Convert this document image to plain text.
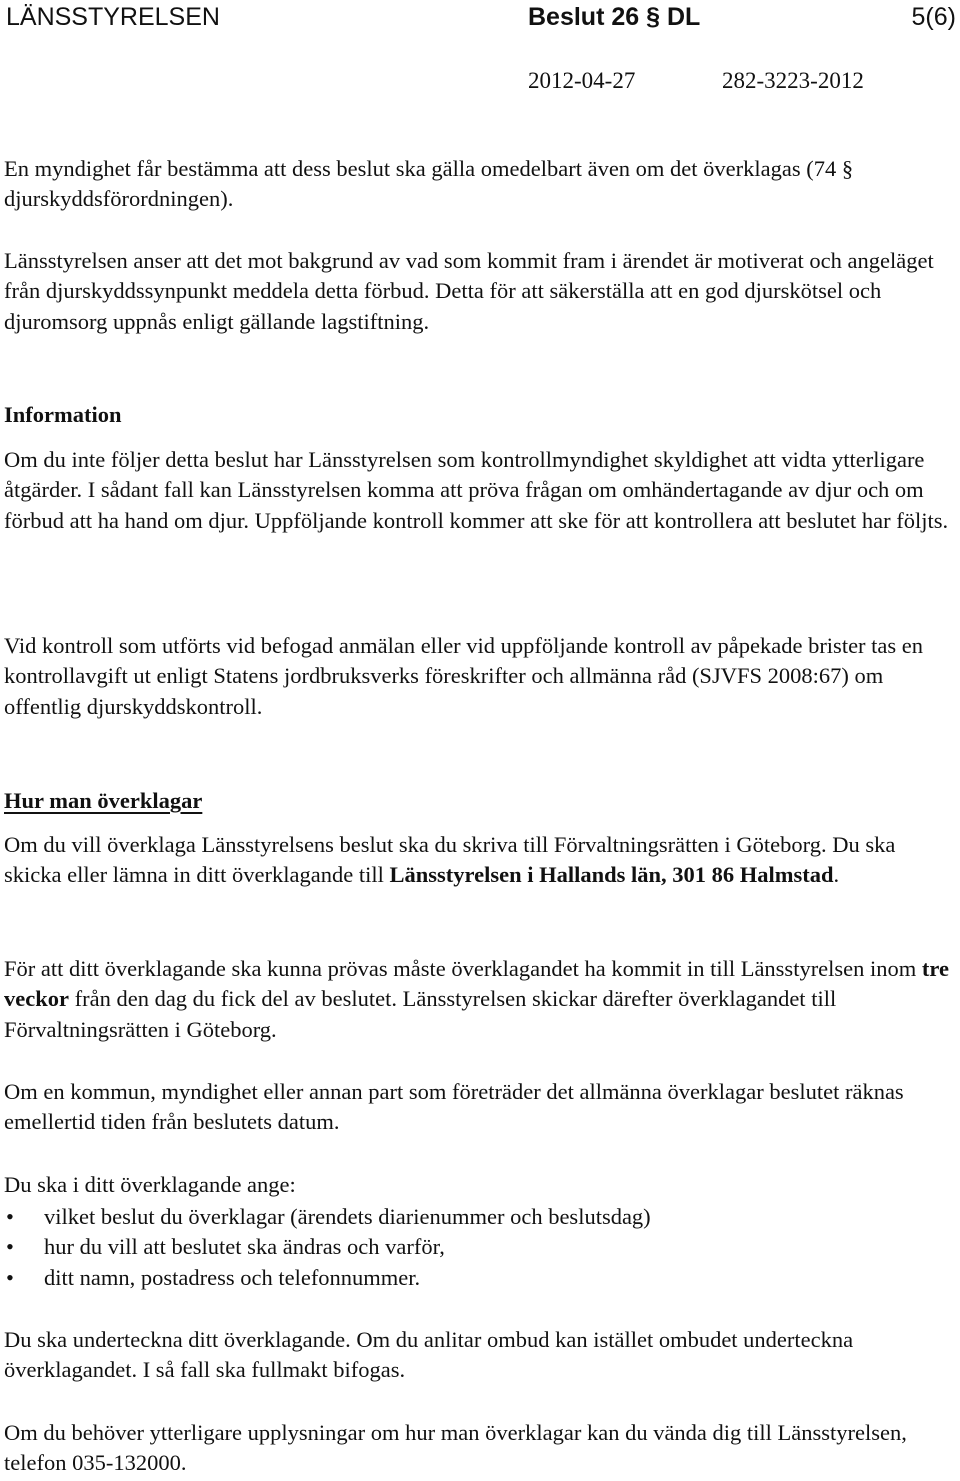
LÄNSSTYRELSEN	Beslut 26 § DL	5(6)
2012-04-27	282-3223-2012

En myndighet får bestämma att dess beslut ska gälla omedelbart även om det överklagas (74 § djurskyddsförordningen).

Länsstyrelsen anser att det mot bakgrund av vad som kommit fram i ärendet är motiverat och angeläget från djurskyddssynpunkt meddela detta förbud. Detta för att säkerställa att en god djurskötsel och djuromsorg uppnås enligt gällande lagstiftning.

Information

Om du inte följer detta beslut har Länsstyrelsen som kontrollmyndighet skyldighet att vidta ytterligare åtgärder. I sådant fall kan Länsstyrelsen komma att pröva frågan om omhändertagande av djur och om förbud att ha hand om djur. Uppföljande kontroll kommer att ske för att kontrollera att beslutet har följts.

Vid kontroll som utförts vid befogad anmälan eller vid uppföljande kontroll av påpekade brister tas en kontrollavgift ut enligt Statens jordbruksverks föreskrifter och allmänna råd (SJVFS 2008:67) om offentlig djurskyddskontroll.

Hur man överklagar

Om du vill överklaga Länsstyrelsens beslut ska du skriva till Förvaltningsrätten i Göteborg. Du ska skicka eller lämna in ditt överklagande till Länsstyrelsen i Hallands län, 301 86 Halmstad.

För att ditt överklagande ska kunna prövas måste överklagandet ha kommit in till Länsstyrelsen inom tre veckor från den dag du fick del av beslutet. Länsstyrelsen skickar därefter överklagandet till Förvaltningsrätten i Göteborg.

Om en kommun, myndighet eller annan part som företräder det allmänna överklagar beslutet räknas emellertid tiden från beslutets datum.

Du ska i ditt överklagande ange:

• vilket beslut du överklagar (ärendets diarienummer och beslutsdag)
• hur du vill att beslutet ska ändras och varför,
• ditt namn, postadress och telefonnummer.

Du ska underteckna ditt överklagande. Om du anlitar ombud kan istället ombudet underteckna överklagandet. I så fall ska fullmakt bifogas.

Om du behöver ytterligare upplysningar om hur man överklagar kan du vända dig till Länsstyrelsen, telefon 035-132000.
